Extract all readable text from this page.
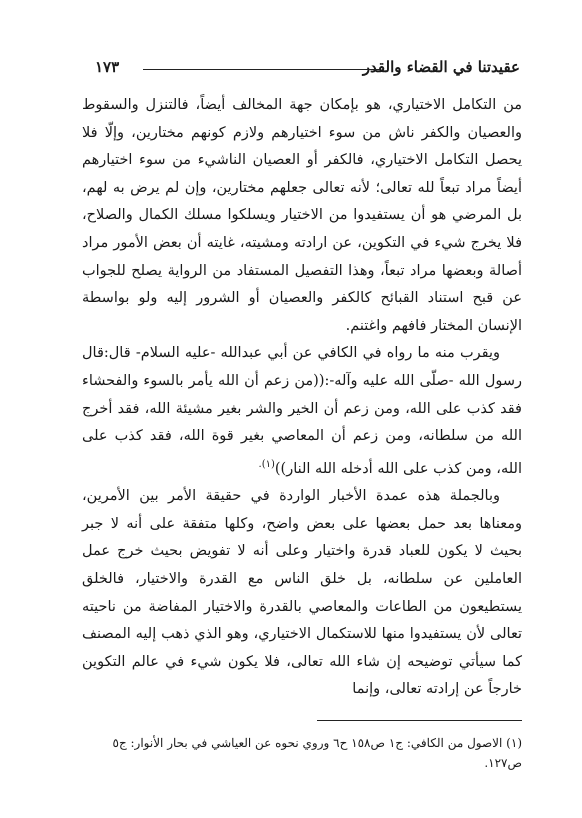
عقيدتنا في القضاء والقدر
١٧٣

من التكامل الاختياري، هو بإمكان جهة المخالف أيضاً، فالتنزل والسقوط والعصيان والكفر ناش من سوء اختيارهم ولازم كونهم مختارين، وإلّا فلا يحصل التكامل الاختياري، فالكفر أو العصيان الناشيء من سوء اختيارهم أيضاً مراد تبعاً لله تعالى؛ لأنه تعالى جعلهم مختارين، وإن لم يرض به لهم، بل المرضي هو أن يستفيدوا من الاختيار ويسلكوا مسلك الكمال والصلاح، فلا يخرج شيء في التكوين، عن ارادته ومشيته، غايته أن بعض الأمور مراد أصالة وبعضها مراد تبعاً، وهذا التفصيل المستفاد من الرواية يصلح للجواب عن قبح استناد القبائح كالكفر والعصيان أو الشرور إليه ولو بواسطة الإنسان المختار فافهم واغتنم.

ويقرب منه ما رواه في الكافي عن أبي عبدالله -عليه السلام- قال:قال رسول الله -صلّى الله عليه وآله-:((من زعم أن الله يأمر بالسوء والفحشاء فقد كذب على الله، ومن زعم أن الخير والشر بغير مشيئة الله، فقد أخرج الله من سلطانه، ومن زعم أن المعاصي بغير قوة الله، فقد كذب على الله، ومن كذب على الله أدخله الله النار))$^{(١).}$

وبالجملة هذه عمدة الأخبار الواردة في حقيقة الأمر بين الأمرين، ومعناها بعد حمل بعضها على بعض واضح، وكلها متفقة على أنه لا جبر بحيث لا يكون للعباد قدرة واختيار وعلى أنه لا تفويض بحيث خرج عمل العاملين عن سلطانه، بل خلق الناس مع القدرة والاختيار، فالخلق يستطيعون من الطاعات والمعاصي بالقدرة والاختيار المفاضة من ناحيته تعالى لأن يستفيدوا منها للاستكمال الاختياري، وهو الذي ذهب إليه المصنف كما سيأتي توضيحه إن شاء الله تعالى، فلا يكون شيء في عالم التكوين خارجاً عن إرادته تعالى، وإنما

(١) الاصول من الكافي: ج١ ص١٥٨ ح٦ وروي نحوه عن العياشي في بحار الأنوار: ج٥ ص١٢٧.
